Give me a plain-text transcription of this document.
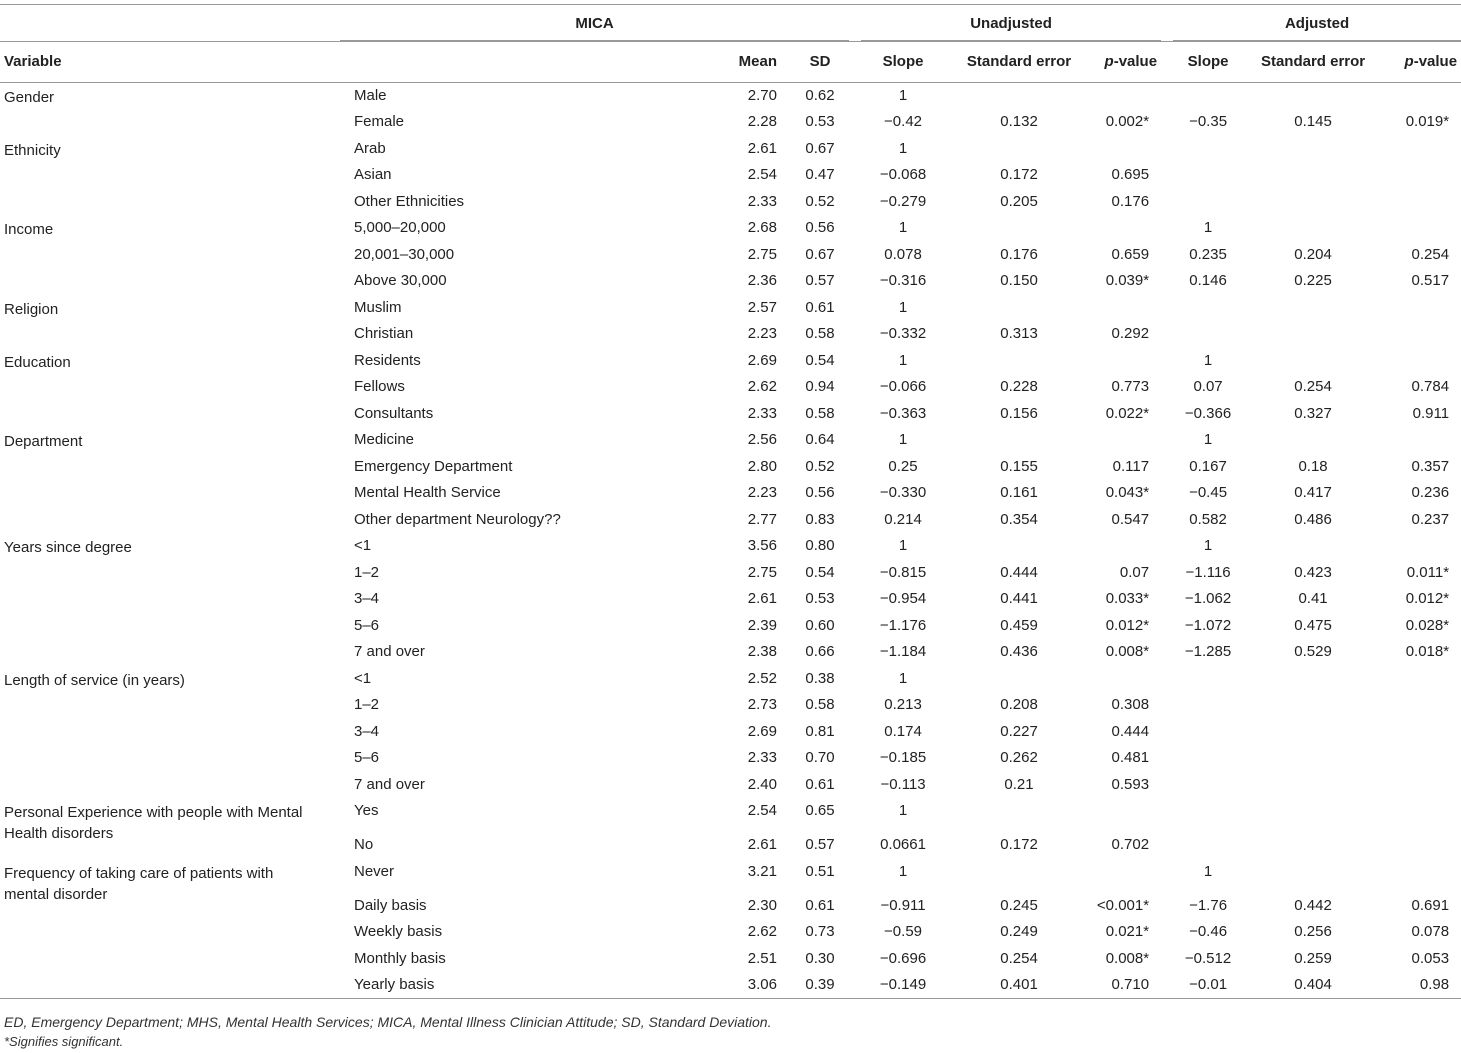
	MICA			Unadjusted			Adjusted		

Variable		Mean	SD	Slope	Standard error	p-value	Slope	Standard error	p-value

Gender	Male	2.70	0.62	1					
	Female	2.28	0.53	−0.42	0.132	0.002*	−0.35	0.145	0.019*

Ethnicity	Arab	2.61	0.67	1					
	Asian	2.54	0.47	−0.068	0.172	0.695			
	Other Ethnicities	2.33	0.52	−0.279	0.205	0.176			

Income	5,000–20,000	2.68	0.56	1			1		
	20,001–30,000	2.75	0.67	0.078	0.176	0.659	0.235	0.204	0.254
	Above 30,000	2.36	0.57	−0.316	0.150	0.039*	0.146	0.225	0.517

Religion	Muslim	2.57	0.61	1					
	Christian	2.23	0.58	−0.332	0.313	0.292			

Education	Residents	2.69	0.54	1			1		
	Fellows	2.62	0.94	−0.066	0.228	0.773	0.07	0.254	0.784
	Consultants	2.33	0.58	−0.363	0.156	0.022*	−0.366	0.327	0.911

Department	Medicine	2.56	0.64	1			1		
	Emergency Department	2.80	0.52	0.25	0.155	0.117	0.167	0.18	0.357
	Mental Health Service	2.23	0.56	−0.330	0.161	0.043*	−0.45	0.417	0.236
	Other department Neurology??	2.77	0.83	0.214	0.354	0.547	0.582	0.486	0.237

Years since degree	<1	3.56	0.80	1			1		
	1–2	2.75	0.54	−0.815	0.444	0.07	−1.116	0.423	0.011*
	3–4	2.61	0.53	−0.954	0.441	0.033*	−1.062	0.41	0.012*
	5–6	2.39	0.60	−1.176	0.459	0.012*	−1.072	0.475	0.028*
	7 and over	2.38	0.66	−1.184	0.436	0.008*	−1.285	0.529	0.018*

Length of service (in years)	<1	2.52	0.38	1					
	1–2	2.73	0.58	0.213	0.208	0.308			
	3–4	2.69	0.81	0.174	0.227	0.444			
	5–6	2.33	0.70	−0.185	0.262	0.481			
	7 and over	2.40	0.61	−0.113	0.21	0.593			

Personal Experience with people with Mental Health disorders	Yes	2.54	0.65	1					
	No	2.61	0.57	0.0661	0.172	0.702			

Frequency of taking care of patients with mental disorder	Never	3.21	0.51	1			1		
	Daily basis	2.30	0.61	−0.911	0.245	<0.001*	−1.76	0.442	0.691
	Weekly basis	2.62	0.73	−0.59	0.249	0.021*	−0.46	0.256	0.078
	Monthly basis	2.51	0.30	−0.696	0.254	0.008*	−0.512	0.259	0.053
	Yearly basis	3.06	0.39	−0.149	0.401	0.710	−0.01	0.404	0.98
ED, Emergency Department; MHS, Mental Health Services; MICA, Mental Illness Clinician Attitude; SD, Standard Deviation.
*Signifies significant.
